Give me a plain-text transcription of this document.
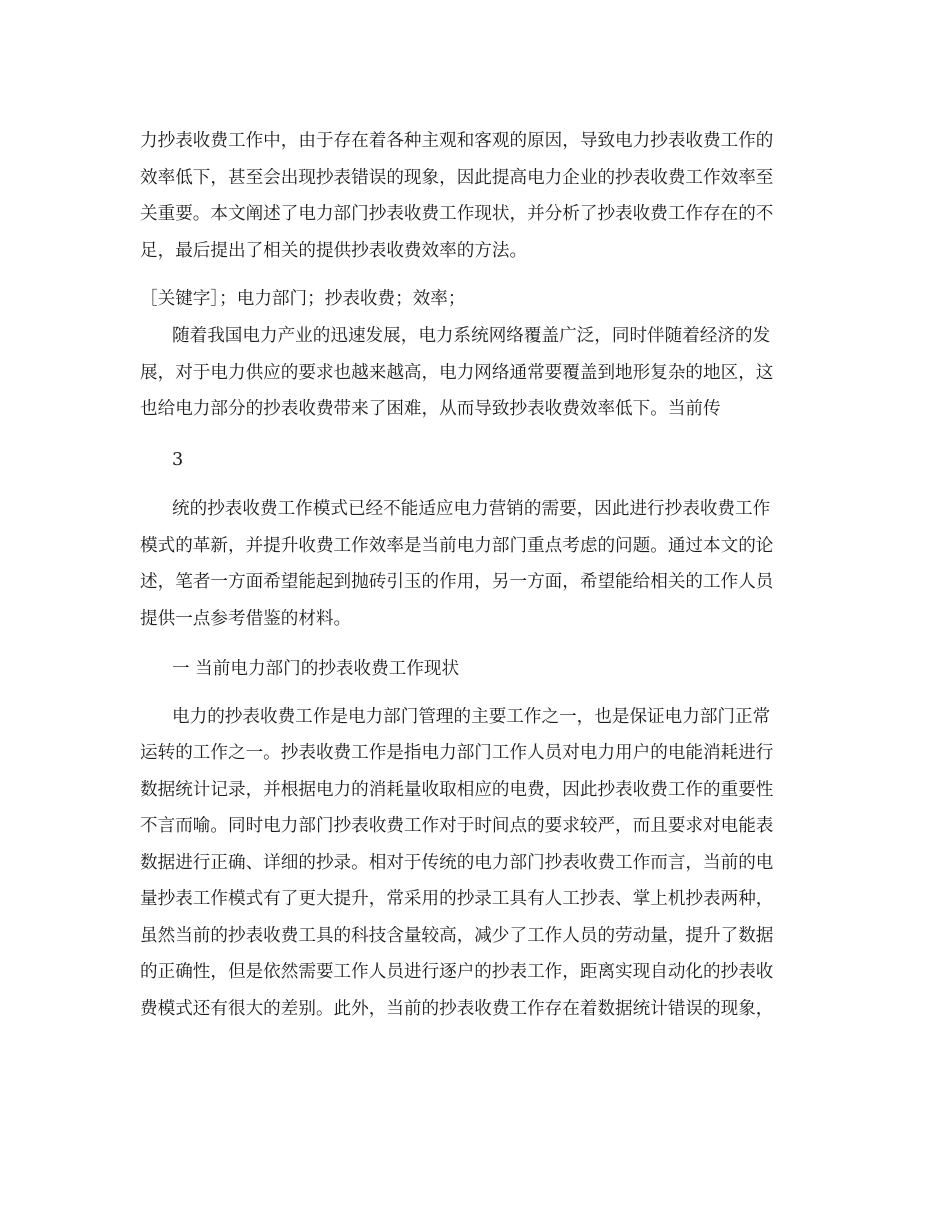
力抄表收费工作中，由于存在着各种主观和客观的原因，导致电力抄表收费工作的

效率低下，甚至会出现抄表错误的现象，因此提高电力企业的抄表收费工作效率至

关重要。本文阐述了电力部门抄表收费工作现状，并分析了抄表收费工作存在的不

足，最后提出了相关的提供抄表收费效率的方法。

［关键字］；电力部门；抄表收费；效率；

随着我国电力产业的迅速发展，电力系统网络覆盖广泛，同时伴随着经济的发

展，对于电力供应的要求也越来越高，电力网络通常要覆盖到地形复杂的地区，这

也给电力部分的抄表收费带来了困难，从而导致抄表收费效率低下。当前传

3

统的抄表收费工作模式已经不能适应电力营销的需要，因此进行抄表收费工作

模式的革新，并提升收费工作效率是当前电力部门重点考虑的问题。通过本文的论

述，笔者一方面希望能起到抛砖引玉的作用，另一方面，希望能给相关的工作人员

提供一点参考借鉴的材料。

一 当前电力部门的抄表收费工作现状

电力的抄表收费工作是电力部门管理的主要工作之一，也是保证电力部门正常

运转的工作之一。抄表收费工作是指电力部门工作人员对电力用户的电能消耗进行

数据统计记录，并根据电力的消耗量收取相应的电费，因此抄表收费工作的重要性

不言而喻。同时电力部门抄表收费工作对于时间点的要求较严，而且要求对电能表

数据进行正确、详细的抄录。相对于传统的电力部门抄表收费工作而言，当前的电

量抄表工作模式有了更大提升，常采用的抄录工具有人工抄表、掌上机抄表两种，

虽然当前的抄表收费工具的科技含量较高，减少了工作人员的劳动量，提升了数据

的正确性，但是依然需要工作人员进行逐户的抄表工作，距离实现自动化的抄表收

费模式还有很大的差别。此外，当前的抄表收费工作存在着数据统计错误的现象，
